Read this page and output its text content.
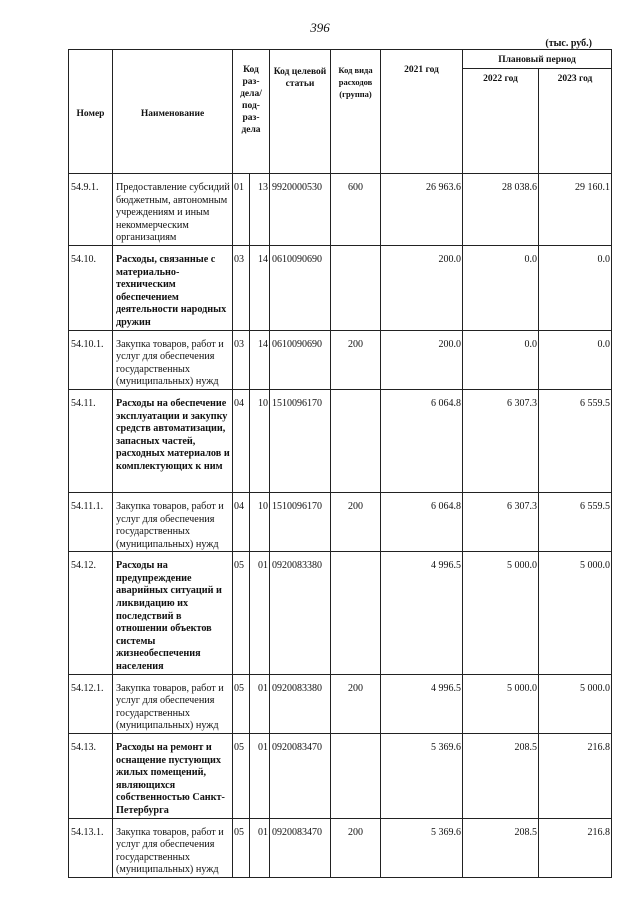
396
(тыс. руб.)
Номер	Наименование	Код раз-дела/ под-раз-дела		Код целевой статьи	Код вида расходов (группа)	2021 год	Плановый период	
							2022 год	2023 год
54.9.1.	Предоставление субсидий бюджетным, автономным учреждениям и иным некоммерческим организациям	01	13	9920000530	600	26 963.6	28 038.6	29 160.1
54.10.	Расходы, связанные с материально-техническим обеспечением деятельности народных дружин	03	14	0610090690		200.0	0.0	0.0
54.10.1.	Закупка товаров, работ и услуг для обеспечения государственных (муниципальных) нужд	03	14	0610090690	200	200.0	0.0	0.0
54.11.	Расходы на обеспечение эксплуатации и закупку средств автоматизации, запасных частей, расходных материалов и комплектующих к ним	04	10	1510096170		6 064.8	6 307.3	6 559.5
54.11.1.	Закупка товаров, работ и услуг для обеспечения государственных (муниципальных) нужд	04	10	1510096170	200	6 064.8	6 307.3	6 559.5
54.12.	Расходы на предупреждение аварийных ситуаций и ликвидацию их последствий в отношении объектов системы жизнеобеспечения населения	05	01	0920083380		4 996.5	5 000.0	5 000.0
54.12.1.	Закупка товаров, работ и услуг для обеспечения государственных (муниципальных) нужд	05	01	0920083380	200	4 996.5	5 000.0	5 000.0
54.13.	Расходы на ремонт и оснащение пустующих жилых помещений, являющихся собственностью Санкт-Петербурга	05	01	0920083470		5 369.6	208.5	216.8
54.13.1.	Закупка товаров, работ и услуг для обеспечения государственных (муниципальных) нужд	05	01	0920083470	200	5 369.6	208.5	216.8
